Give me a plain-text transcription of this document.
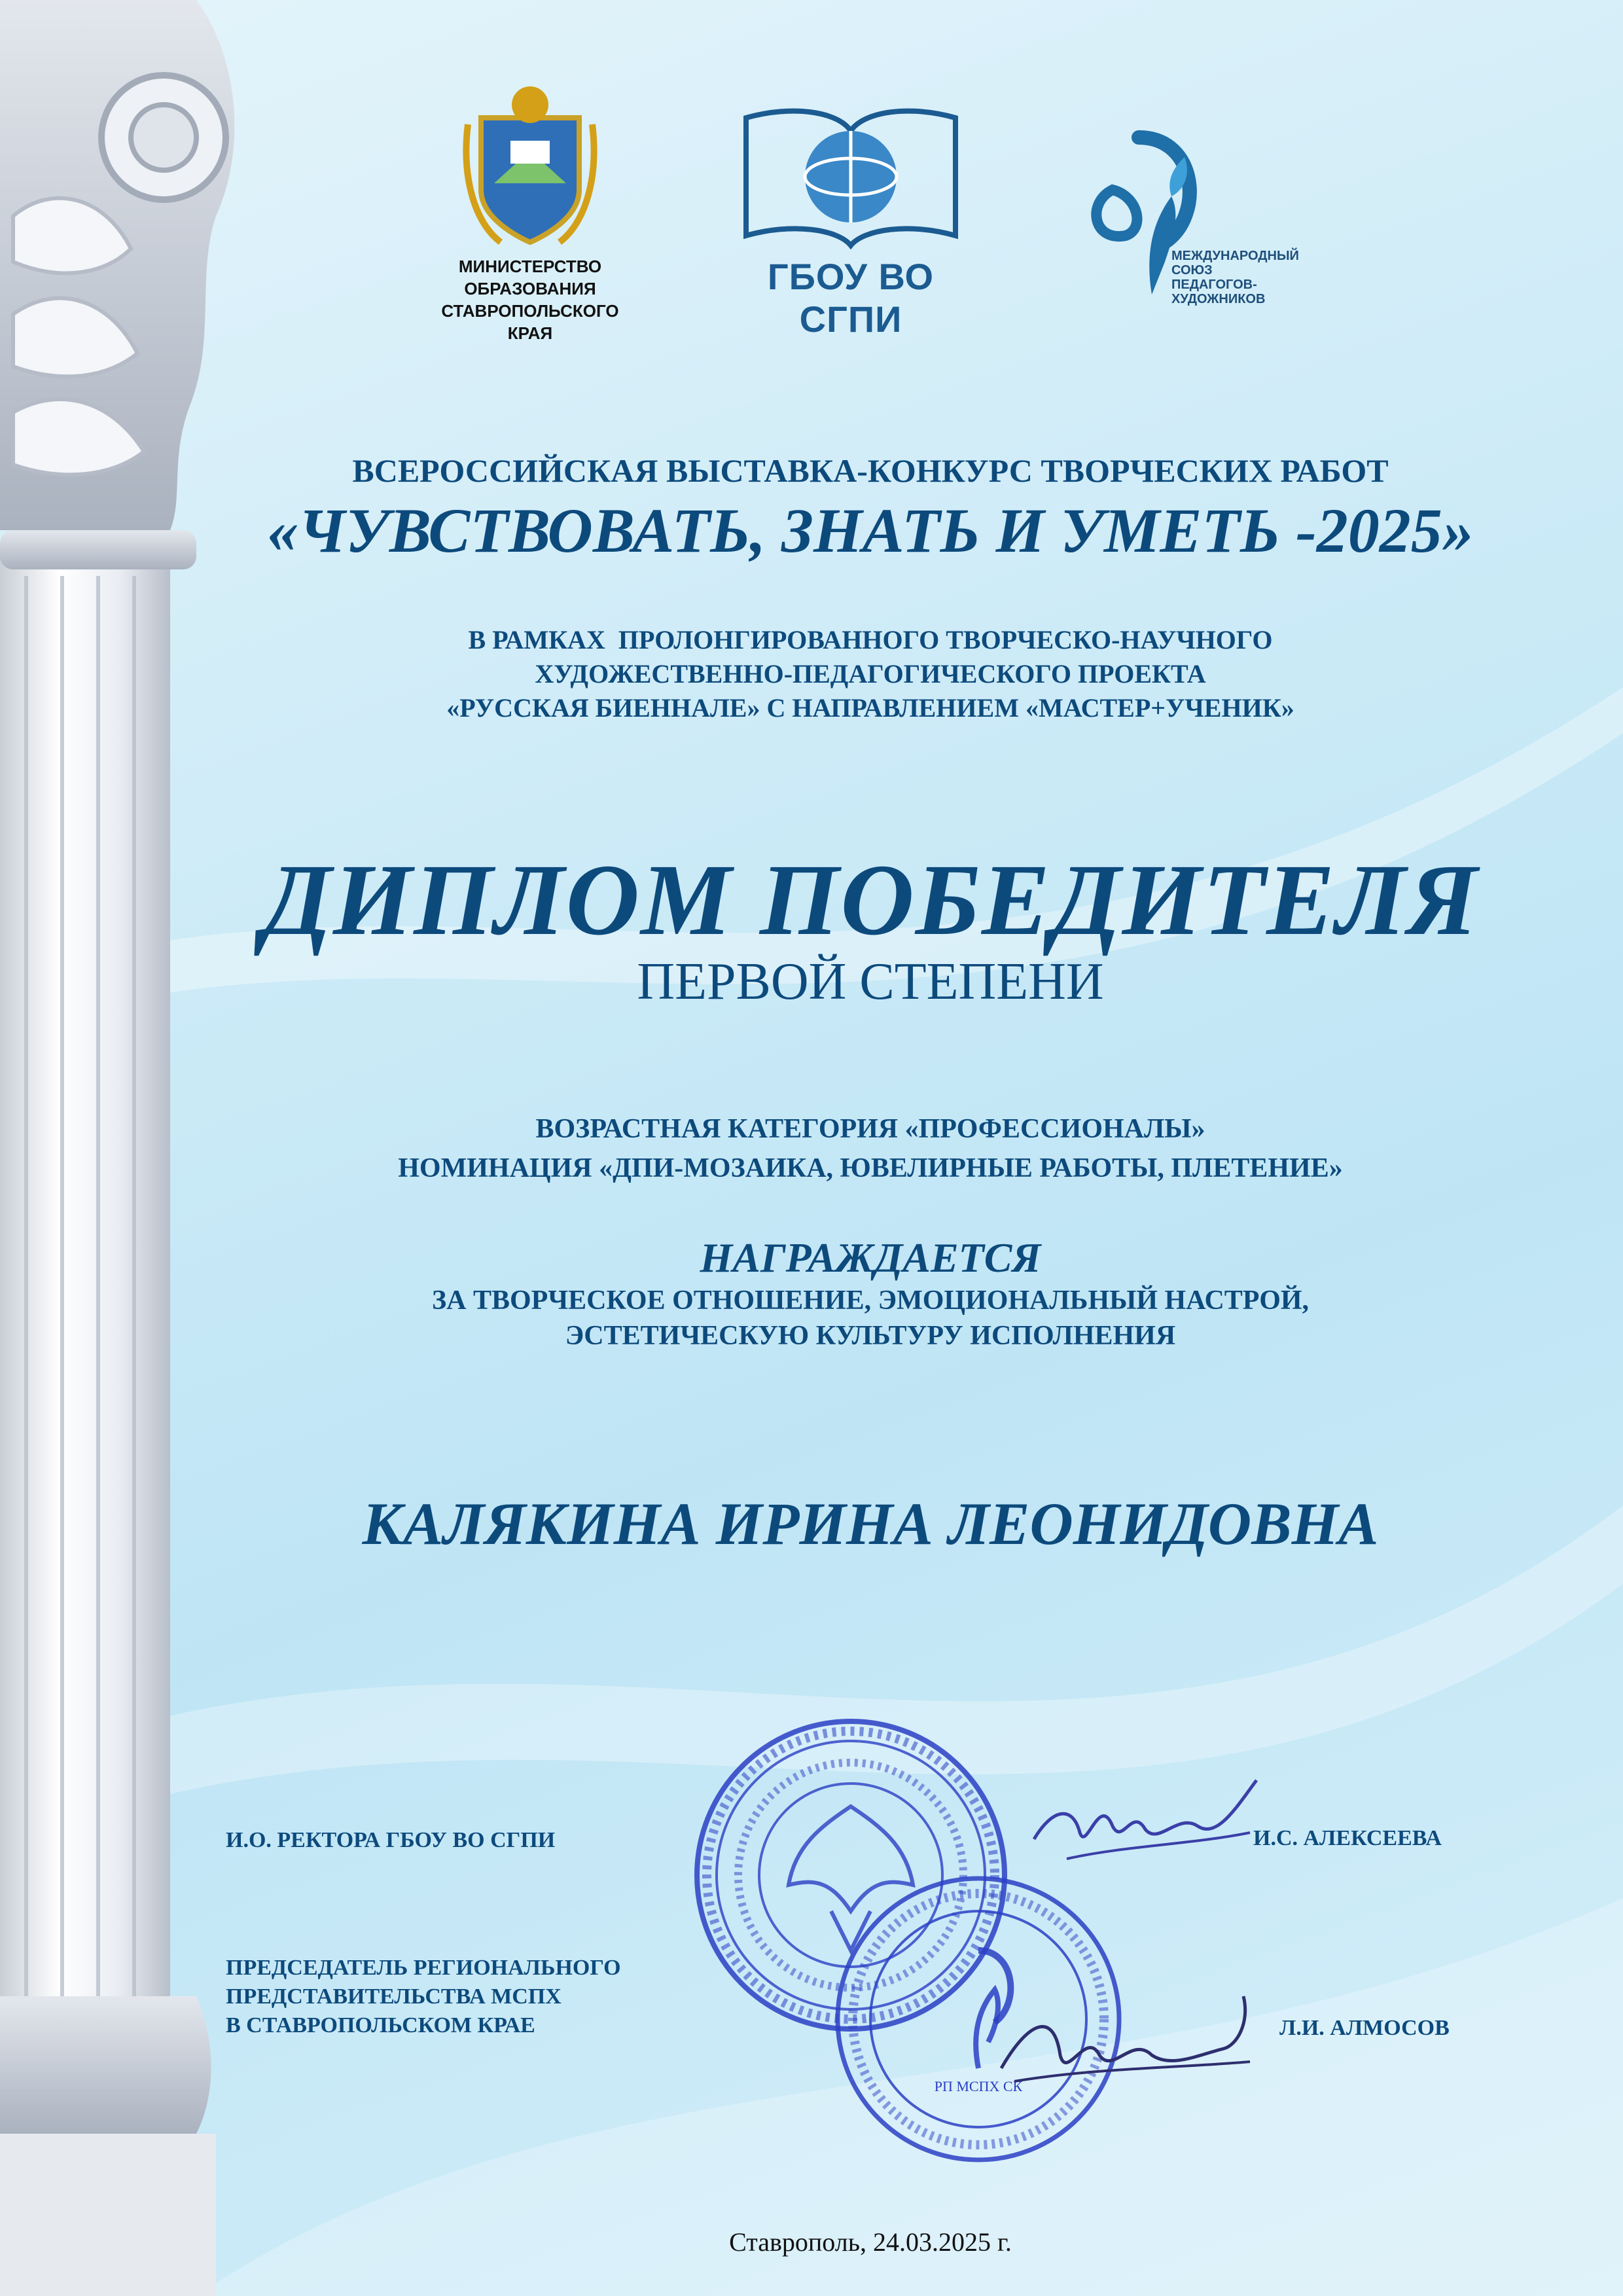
МИНИСТЕРСТВО ОБРАЗОВАНИЯ
СТАВРОПОЛЬСКОГО КРАЯ
ГБОУ ВО СГПИ
МЕЖДУНАРОДНЫЙ
СОЮЗ
ПЕДАГОГОВ-
ХУДОЖНИКОВ
ВСЕРОССИЙСКАЯ ВЫСТАВКА-КОНКУРС ТВОРЧЕСКИХ РАБОТ
«ЧУВСТВОВАТЬ, ЗНАТЬ И УМЕТЬ -2025»
В РАМКАХ  ПРОЛОНГИРОВАННОГО ТВОРЧЕСКО-НАУЧНОГО
ХУДОЖЕСТВЕННО-ПЕДАГОГИЧЕСКОГО ПРОЕКТА
«РУССКАЯ БИЕННАЛЕ» С НАПРАВЛЕНИЕМ «МАСТЕР+УЧЕНИК»
ДИПЛОМ ПОБЕДИТЕЛЯ
ПЕРВОЙ СТЕПЕНИ
ВОЗРАСТНАЯ КАТЕГОРИЯ «ПРОФЕССИОНАЛЫ»
НОМИНАЦИЯ «ДПИ-МОЗАИКА, ЮВЕЛИРНЫЕ РАБОТЫ, ПЛЕТЕНИЕ»
НАГРАЖДАЕТСЯ
ЗА ТВОРЧЕСКОЕ ОТНОШЕНИЕ, ЭМОЦИОНАЛЬНЫЙ НАСТРОЙ,
ЭСТЕТИЧЕСКУЮ КУЛЬТУРУ ИСПОЛНЕНИЯ
КАЛЯКИНА ИРИНА ЛЕОНИДОВНА
РП МСПХ СК
И.О. РЕКТОРА ГБОУ ВО СГПИ	И.С. АЛЕКСЕЕВА
ПРЕДСЕДАТЕЛЬ РЕГИОНАЛЬНОГО
ПРЕДСТАВИТЕЛЬСТВА МСПХ
В СТАВРОПОЛЬСКОМ КРАЕ	Л.И. АЛМОСОВ
Ставрополь, 24.03.2025 г.
